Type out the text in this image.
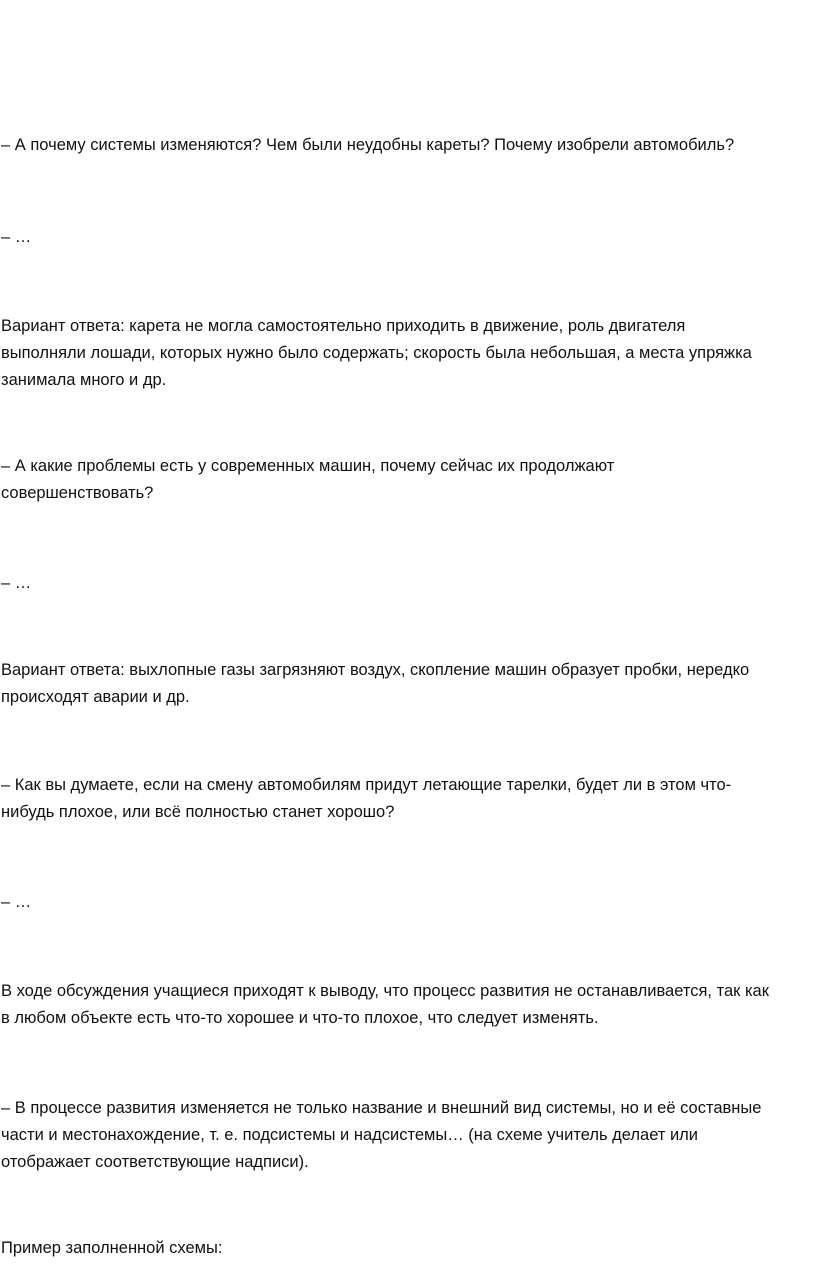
– А почему системы изменяются? Чем были неудобны кареты? Почему изобрели автомобиль?

– …

Вариант ответа: карета не могла самостоятельно приходить в движение, роль двигателя
выполняли лошади, которых нужно было содержать; скорость была небольшая, а места упряжка
занимала много и др.

– А какие проблемы есть у современных машин, почему сейчас их продолжают
совершенствовать?

– …

Вариант ответа: выхлопные газы загрязняют воздух, скопление машин образует пробки, нередко
происходят аварии и др.

– Как вы думаете, если на смену автомобилям придут летающие тарелки, будет ли в этом что-
нибудь плохое, или всё полностью станет хорошо?

– …

В ходе обсуждения учащиеся приходят к выводу, что процесс развития не останавливается, так как
в любом объекте есть что-то хорошее и что-то плохое, что следует изменять.

– В процессе развития изменяется не только название и внешний вид системы, но и её составные
части и местонахождение, т. е. подсистемы и надсистемы… (на схеме учитель делает или
отображает соответствующие надписи).

Пример заполненной схемы:
